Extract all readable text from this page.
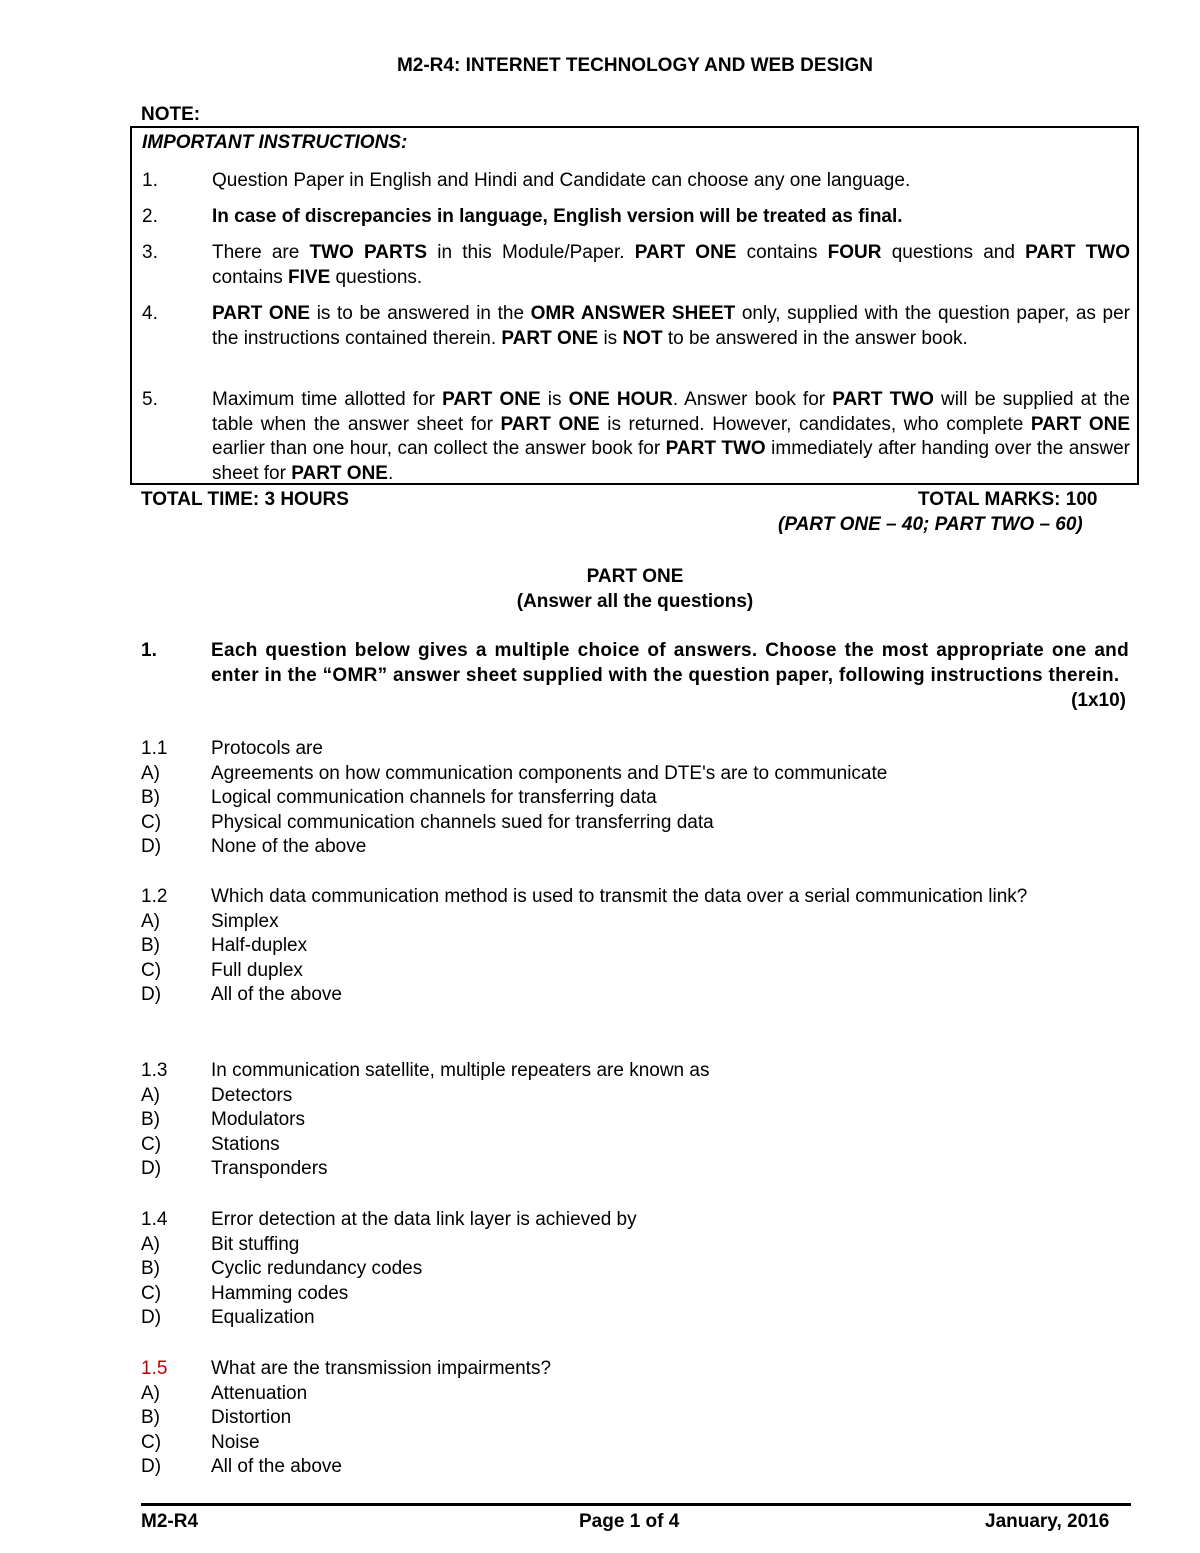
M2-R4: INTERNET TECHNOLOGY AND WEB DESIGN
NOTE:
IMPORTANT INSTRUCTIONS:
1.	Question Paper in English and Hindi and Candidate can choose any one language.
2.	In case of discrepancies in language, English version will be treated as final.
3.	There are TWO PARTS in this Module/Paper. PART ONE contains FOUR questions and PART TWO contains FIVE questions.
4.	PART ONE is to be answered in the OMR ANSWER SHEET only, supplied with the question paper, as per the instructions contained therein. PART ONE is NOT to be answered in the answer book.
5.	Maximum time allotted for PART ONE is ONE HOUR. Answer book for PART TWO will be supplied at the table when the answer sheet for PART ONE is returned. However, candidates, who complete PART ONE earlier than one hour, can collect the answer book for PART TWO immediately after handing over the answer sheet for PART ONE.
TOTAL TIME: 3 HOURS	TOTAL MARKS: 100
(PART ONE – 40; PART TWO – 60)
PART ONE
(Answer all the questions)
1.	Each question below gives a multiple choice of answers. Choose the most appropriate one and enter in the “OMR” answer sheet supplied with the question paper, following instructions therein.
(1x10)
1.1 Protocols are
A)	Agreements on how communication components and DTE's are to communicate
B)	Logical communication channels for transferring data
C)	Physical communication channels sued for transferring data
D)	None of the above
1.2 Which data communication method is used to transmit the data over a serial communication link?
A)	Simplex
B)	Half-duplex
C)	Full duplex
D)	All of the above
1.3 In communication satellite, multiple repeaters are known as
A)	Detectors
B)	Modulators
C)	Stations
D)	Transponders
1.4 Error detection at the data link layer is achieved by
A)	Bit stuffing
B)	Cyclic redundancy codes
C)	Hamming codes
D)	Equalization
1.5 What are the transmission impairments?
A)	Attenuation
B)	Distortion
C)	Noise
D)	All of the above
M2-R4	Page 1 of 4	January, 2016
